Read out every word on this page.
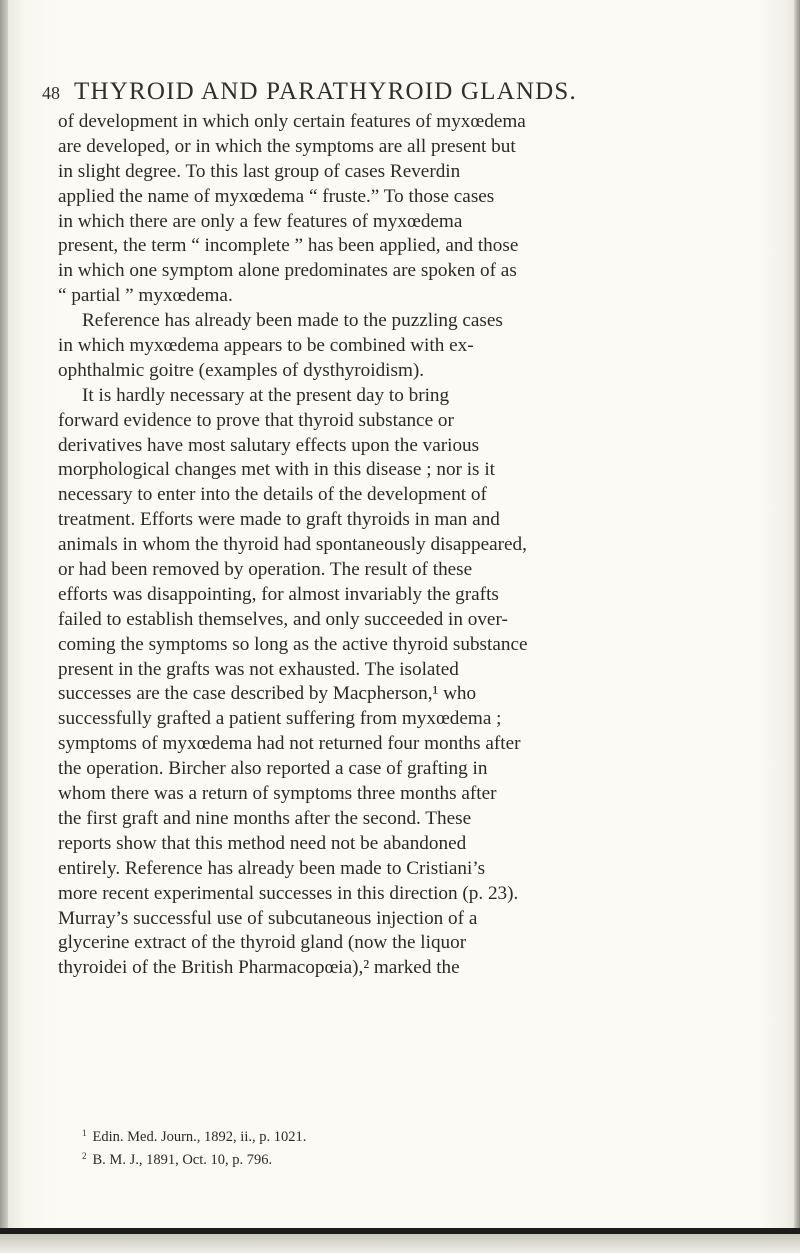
48 THYROID AND PARATHYROID GLANDS.

of development in which only certain features of myxœdema
are developed, or in which the symptoms are all present but
in slight degree. To this last group of cases Reverdin
applied the name of myxœdema “ fruste.” To those cases
in which there are only a few features of myxœdema
present, the term “ incomplete ” has been applied, and those
in which one symptom alone predominates are spoken of as
“ partial ” myxœdema.

Reference has already been made to the puzzling cases
in which myxœdema appears to be combined with ex-
ophthalmic goitre (examples of dysthyroidism).

It is hardly necessary at the present day to bring
forward evidence to prove that thyroid substance or
derivatives have most salutary effects upon the various
morphological changes met with in this disease ; nor is it
necessary to enter into the details of the development of
treatment. Efforts were made to graft thyroids in man and
animals in whom the thyroid had spontaneously disappeared,
or had been removed by operation. The result of these
efforts was disappointing, for almost invariably the grafts
failed to establish themselves, and only succeeded in over-
coming the symptoms so long as the active thyroid substance
present in the grafts was not exhausted. The isolated
successes are the case described by Macpherson,¹ who
successfully grafted a patient suffering from myxœdema ;
symptoms of myxœdema had not returned four months after
the operation. Bircher also reported a case of grafting in
whom there was a return of symptoms three months after
the first graft and nine months after the second. These
reports show that this method need not be abandoned
entirely. Reference has already been made to Cristiani’s
more recent experimental successes in this direction (p. 23).
Murray’s successful use of subcutaneous injection of a
glycerine extract of the thyroid gland (now the liquor
thyroidei of the British Pharmacopœia),² marked the

$^1$ Edin. Med. Journ., 1892, ii., p. 1021.
$^2$ B. M. J., 1891, Oct. 10, p. 796.
